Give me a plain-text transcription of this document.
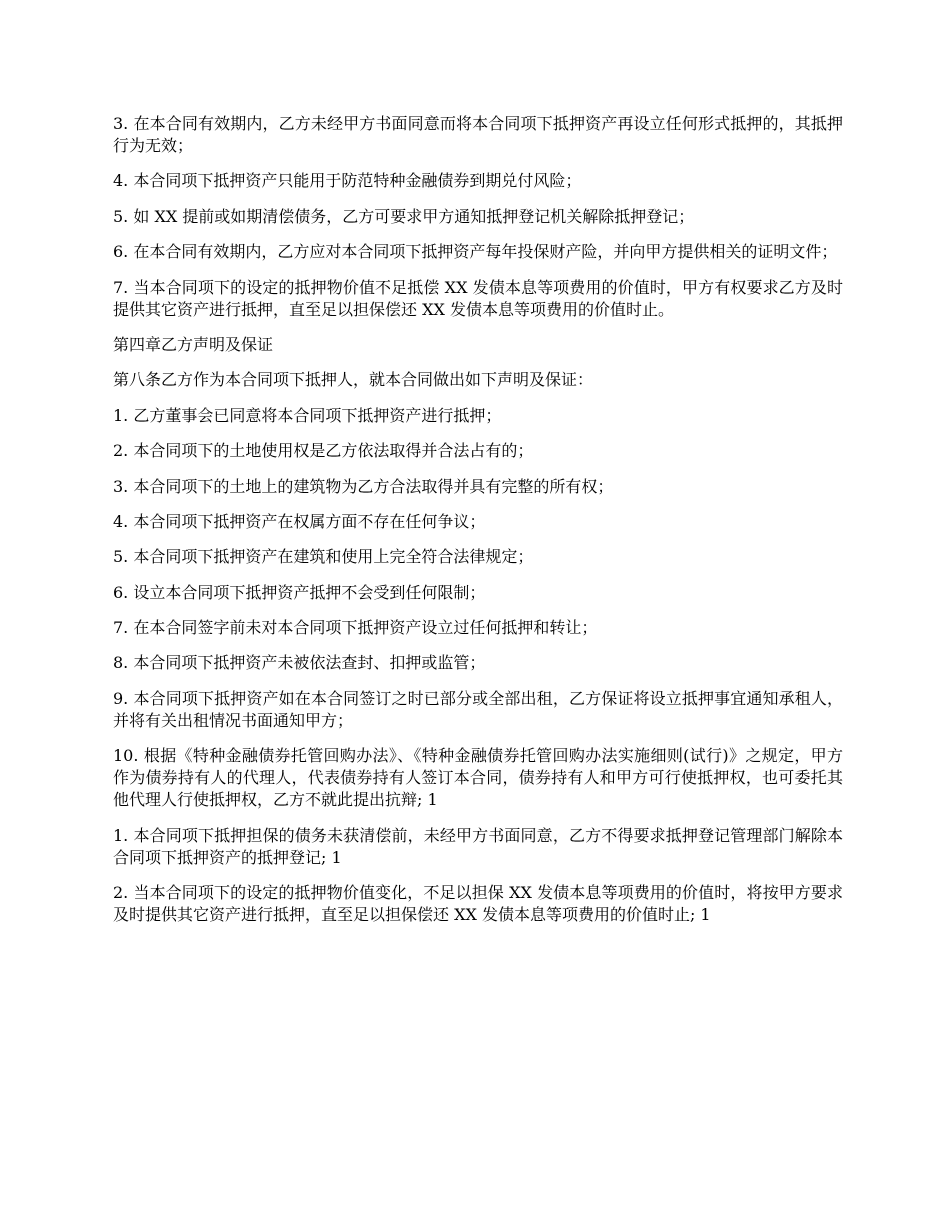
3. 在本合同有效期内，乙方未经甲方书面同意而将本合同项下抵押资产再设立任何形式抵押的，其抵押行为无效；

4. 本合同项下抵押资产只能用于防范特种金融债券到期兑付风险；

5. 如 XX 提前或如期清偿债务，乙方可要求甲方通知抵押登记机关解除抵押登记；

6. 在本合同有效期内，乙方应对本合同项下抵押资产每年投保财产险，并向甲方提供相关的证明文件；

7. 当本合同项下的设定的抵押物价值不足抵偿 XX 发债本息等项费用的价值时，甲方有权要求乙方及时提供其它资产进行抵押，直至足以担保偿还 XX 发债本息等项费用的价值时止。

第四章乙方声明及保证

第八条乙方作为本合同项下抵押人，就本合同做出如下声明及保证：

1. 乙方董事会已同意将本合同项下抵押资产进行抵押；

2. 本合同项下的土地使用权是乙方依法取得并合法占有的；

3. 本合同项下的土地上的建筑物为乙方合法取得并具有完整的所有权；

4. 本合同项下抵押资产在权属方面不存在任何争议；

5. 本合同项下抵押资产在建筑和使用上完全符合法律规定；

6. 设立本合同项下抵押资产抵押不会受到任何限制；

7. 在本合同签字前未对本合同项下抵押资产设立过任何抵押和转让；

8. 本合同项下抵押资产未被依法查封、扣押或监管；

9. 本合同项下抵押资产如在本合同签订之时已部分或全部出租，乙方保证将设立抵押事宜通知承租人，并将有关出租情况书面通知甲方；

10. 根据《特种金融债券托管回购办法》、《特种金融债券托管回购办法实施细则(试行)》之规定，甲方作为债券持有人的代理人，代表债券持有人签订本合同，债券持有人和甲方可行使抵押权，也可委托其他代理人行使抵押权，乙方不就此提出抗辩; 1

1. 本合同项下抵押担保的债务未获清偿前，未经甲方书面同意，乙方不得要求抵押登记管理部门解除本合同项下抵押资产的抵押登记; 1

2. 当本合同项下的设定的抵押物价值变化，不足以担保 XX 发债本息等项费用的价值时，将按甲方要求及时提供其它资产进行抵押，直至足以担保偿还 XX 发债本息等项费用的价值时止; 1
